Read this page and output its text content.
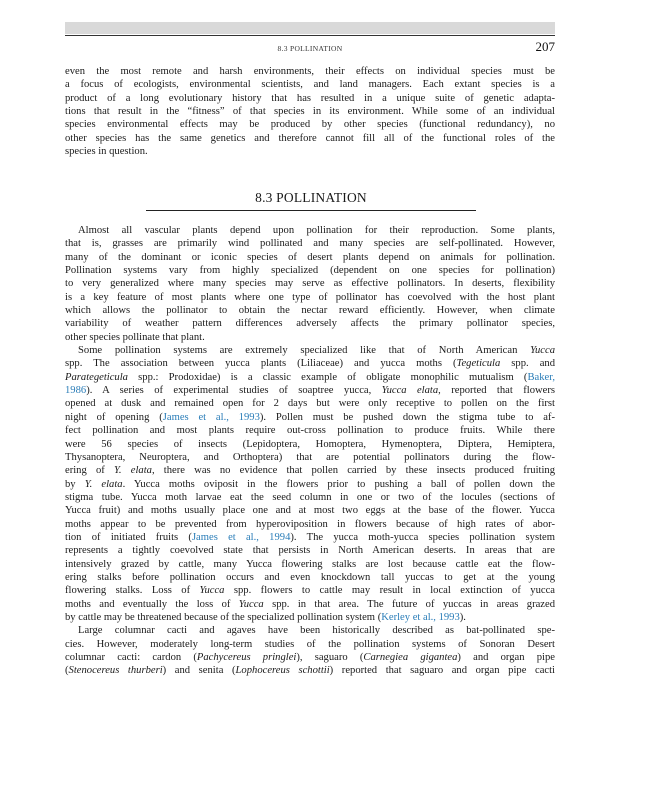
8.3 POLLINATION	207

even the most remote and harsh environments, their effects on individual species must be
a focus of ecologists, environmental scientists, and land managers. Each extant species is a
product of a long evolutionary history that has resulted in a unique suite of genetic adapta-
tions that result in the “fitness” of that species in its environment. While some of an individual
species environmental effects may be produced by other species (functional redundancy), no
other species has the same genetics and therefore cannot fill all of the functional roles of the
species in question.

8.3 POLLINATION

Almost all vascular plants depend upon pollination for their reproduction. Some plants,
that is, grasses are primarily wind pollinated and many species are self-pollinated. However,
many of the dominant or iconic species of desert plants depend on animals for pollination.
Pollination systems vary from highly specialized (dependent on one species for pollination)
to very generalized where many species may serve as effective pollinators. In deserts, flexibility
is a key feature of most plants where one type of pollinator has coevolved with the host plant
which allows the pollinator to obtain the nectar reward efficiently. However, when climate
variability of weather pattern differences adversely affects the primary pollinator species,
other species pollinate that plant.

Some pollination systems are extremely specialized like that of North American Yucca
spp. The association between yucca plants (Liliaceae) and yucca moths (Tegeticula spp. and
Parategeticula spp.: Prodoxidae) is a classic example of obligate monophilic mutualism (Baker,
1986). A series of experimental studies of soaptree yucca, Yucca elata, reported that flowers
opened at dusk and remained open for 2 days but were only receptive to pollen on the first
night of opening (James et al., 1993). Pollen must be pushed down the stigma tube to af-
fect pollination and most plants require out-cross pollination to produce fruits. While there
were 56 species of insects (Lepidoptera, Homoptera, Hymenoptera, Diptera, Hemiptera,
Thysanoptera, Neuroptera, and Orthoptera) that are potential pollinators during the flow-
ering of Y. elata, there was no evidence that pollen carried by these insects produced fruiting
by Y. elata. Yucca moths oviposit in the flowers prior to pushing a ball of pollen down the
stigma tube. Yucca moth larvae eat the seed column in one or two of the locules (sections of
Yucca fruit) and moths usually place one and at most two eggs at the base of the flower. Yucca
moths appear to be prevented from hyperoviposition in flowers because of high rates of abor-
tion of initiated fruits (James et al., 1994). The yucca moth-yucca species pollination system
represents a tightly coevolved state that persists in North American deserts. In areas that are
intensively grazed by cattle, many Yucca flowering stalks are lost because cattle eat the flow-
ering stalks before pollination occurs and even knockdown tall yuccas to get at the young
flowering stalks. Loss of Yucca spp. flowers to cattle may result in local extinction of yucca
moths and eventually the loss of Yucca spp. in that area. The future of yuccas in areas grazed
by cattle may be threatened because of the specialized pollination system (Kerley et al., 1993).

Large columnar cacti and agaves have been historically described as bat-pollinated spe-
cies. However, moderately long-term studies of the pollination systems of Sonoran Desert
columnar cacti: cardon (Pachycereus pringlei), saguaro (Carnegiea gigantea) and organ pipe
(Stenocereus thurberi) and senita (Lophocereus schottii) reported that saguaro and organ pipe cacti
